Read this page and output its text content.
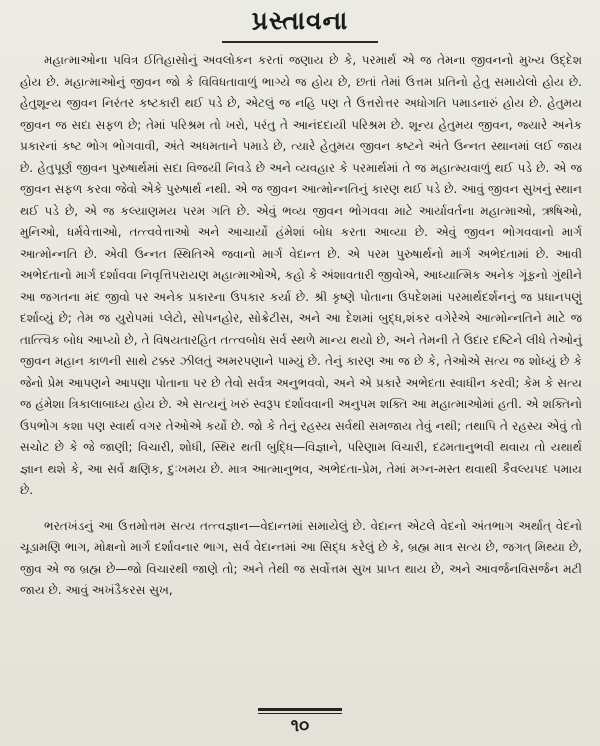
પ્રસ્તાવના

મહાત્માઓના પવિત્ર ઈતિહાસોનું અવલોકન કરતાં જણાય છે કે, પરમાર્થ એ જ તેમના જીવનનો મુખ્ય ઉદ્દેશ હોય છે. મહાત્માઓનું જીવન જો કે વિવિધતાવાળું ભાગ્યે જ હોય છે, છતાં તેમાં ઉત્તમ પ્રતિનો હેતુ સમાયેલો હોય છે. હેતુશૂન્ય જીવન નિરંતર કષ્ટકારી થઈ પડે છે, એટલું જ નહિ પણ તે ઉત્તરોત્તર અધોગતિ પમાડનારું હોય છે. હેતુમય જીવન જ સદા સફળ છે; તેમાં પરિશ્રમ તો ખરો, પરંતુ તે આનંદદાયી પરિશ્રમ છે. શૂન્ય હેતુમય જીવન, જ્યારે અનેક પ્રકારનાં કષ્ટ ભોગ ભોગવાવી, અંતે અધમતાને પમાડે છે, ત્યારે હેતુમય જીવન કષ્ટને અંતે ઉન્નત સ્થાનમાં લઈ જાય છે. હેતુપૂર્ણ જીવન પુરુષાર્થમાં સદા વિજયી નિવડે છે અને વ્યવહાર કે પરમાર્થમાં તે જ મહાત્મ્યવાળું થઈ પડે છે. એ જ જીવન સફળ કરવા જેવો એકે પુરુષાર્થ નથી. એ જ જીવન આત્મોન્નતિનું કારણ થઈ પડે છે. આવું જીવન સુખનું સ્થાન થઈ પડે છે, એ જ કલ્યાણમય પરમ ગતિ છે. એવું ભવ્ય જીવન ભોગવવા માટે આર્યાવર્તના મહાત્માઓ, ઋષિઓ, મુનિઓ, ધર્મવેત્તાઓ, તત્ત્વવેત્તાઓ અને આચાર્યો હંમેશાં બોધ કરતા આવ્યા છે. એવું જીવન ભોગવવાનો માર્ગ આત્મોન્નતિ છે. એવી ઉન્નત સ્થિતિએ જવાનો માર્ગ વેદાન્ત છે. એ પરમ પુરુષાર્થનો માર્ગ અભેદતામાં છે. આવી અભેદતાનો માર્ગ દર્શાવવા નિવૃત્તિપરાયણ મહાત્માઓએ, કહો કે અંશાવતારી જીવોએ, આધ્યાત્મિક અનેક ગૂંફનો ગુંથીને આ જગતના મંદ જીવો પર અનેક પ્રકારના ઉપકાર કર્યા છે. શ્રી કૃષ્ણે પોતાના ઉપદેશમાં પરમાર્થદર્શનનું જ પ્રધાનપણું દર્શાવ્યું છે; તેમ જ યુરોપમાં પ્લેટો, સોપનહોર, સોક્રેટીસ, અને આ દેશમાં બુદ્ધ,શંકર વગેરેએ આત્મોન્નતિને માટે જ તાત્ત્વિક બોધ આપ્યો છે, તે વિષયતારહિત તત્ત્વબોધ સર્વ સ્થળે માન્ય થયો છે, અને તેમની તે ઉદાર દષ્ટિને લીધે તેઓનું જીવન મહાન કાળની સાથે ટક્કર ઝીલતું અમરપણાને પામ્યું છે. તેનું કારણ આ જ છે કે, તેઓએ સત્ય જ શોધ્યું છે કે જેનો પ્રેમ આપણને આપણા પોતાના પર છે તેવો સર્વત્ર અનુભવવો, અને એ પ્રકારે અભેદતા સ્વાધીન કરવી; કેમ કે સત્ય જ હંમેશા ત્રિકાલાબાધ્ય હોય છે. એ સત્યનું ખરું સ્વરૂપ દર્શાવવાની અનુપમ શક્તિ આ મહાત્માઓમાં હતી. એ શક્તિનો ઉપભોગ કશા પણ સ્વાર્થ વગર તેઓએ કર્યો છે. જો કે તેનું રહસ્ય સર્વથી સમજાય તેવું નથી; તથાપિ તે રહસ્ય એવું તો સચોટ છે કે જે જાણી; વિચારી, શોધી, સ્થિર થતી બુદ્ધિ—વિજ્ઞાને, પરિણામ વિચારી, દઢમતાનુભવી થવાય તો યથાર્થ જ્ઞાન થશે કે, આ સર્વ ક્ષણિક, દુઃખમય છે. માત્ર આત્માનુભવ, અભેદતા-પ્રેમ, તેમાં મગ્ન-મસ્ત થવાથી કૈવલ્યપદ પમાય છે.

ભરતખંડનું આ ઉત્તમોત્તમ સત્ય તત્ત્વજ્ઞાન—વેદાન્તમાં સમાયેલું છે. વેદાન્ત એટલે વેદનો અંતભાગ અર્થાત્ વેદનો ચૂડામણિ ભાગ, મોક્ષનો માર્ગ દર્શાવનાર ભાગ, સર્વ વેદાન્તમાં આ સિદ્ધ કરેલું છે કે, બ્રહ્મ માત્ર સત્ય છે, જગત્ મિથ્યા છે, જીવ એ જ બ્રહ્મ છે—જો વિચારથી જાણે તો; અને તેથી જ સર્વોત્તમ સુખ પ્રાપ્ત થાય છે, અને આવર્જનવિસર્જન મટી જાય છે. આવું અખંડૈકરસ સુખ,

૧૦
